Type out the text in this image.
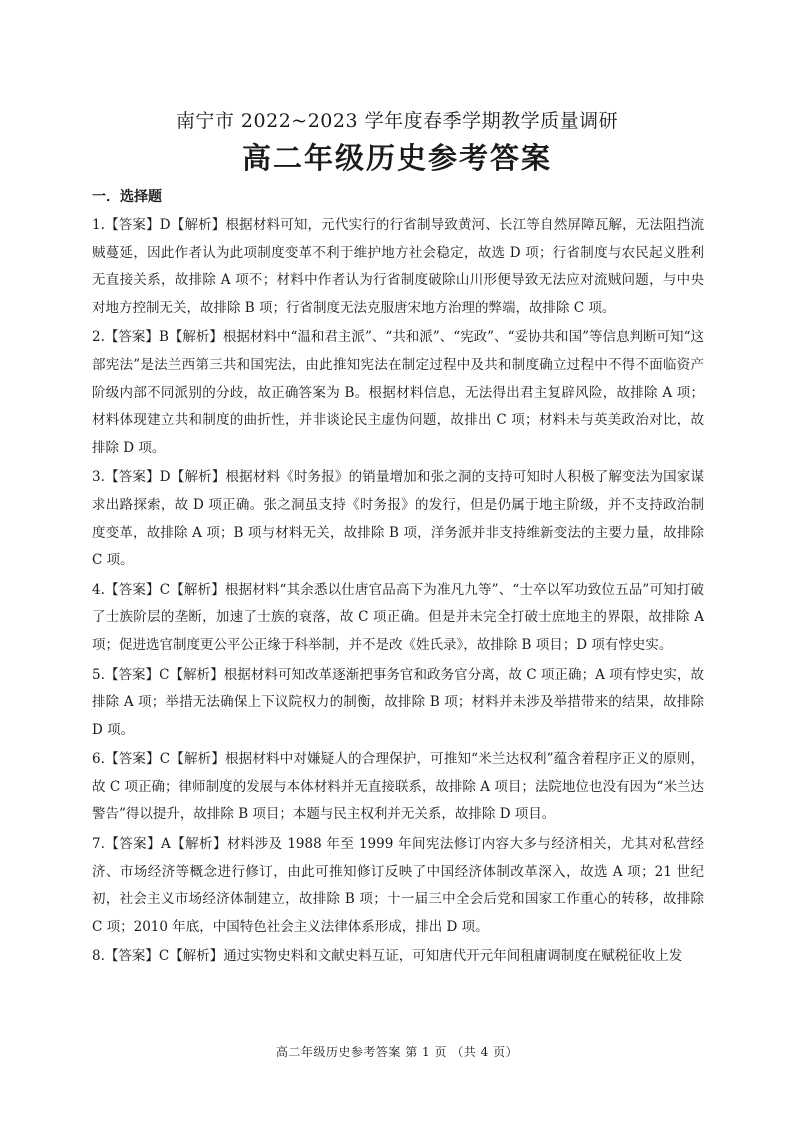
南宁市 2022~2023 学年度春季学期教学质量调研
高二年级历史参考答案
一．选择题

1.【答案】D【解析】根据材料可知，元代实行的行省制导致黄河、长江等自然屏障瓦解，无法阻挡流贼蔓延，因此作者认为此项制度变革不利于维护地方社会稳定，故选 D 项；行省制度与农民起义胜利无直接关系，故排除 A 项不；材料中作者认为行省制度破除山川形便导致无法应对流贼问题，与中央对地方控制无关，故排除 B 项；行省制度无法克服唐宋地方治理的弊端，故排除 C 项。

2.【答案】B【解析】根据材料中“温和君主派”、“共和派”、“宪政”、“妥协共和国”等信息判断可知“这部宪法”是法兰西第三共和国宪法，由此推知宪法在制定过程中及共和制度确立过程中不得不面临资产阶级内部不同派别的分歧，故正确答案为 B。根据材料信息，无法得出君主复辟风险，故排除 A 项；材料体现建立共和制度的曲折性，并非谈论民主虚伪问题，故排出 C 项；材料未与英美政治对比，故排除 D 项。

3.【答案】D【解析】根据材料《时务报》的销量增加和张之洞的支持可知时人积极了解变法为国家谋求出路探索，故 D 项正确。张之洞虽支持《时务报》的发行，但是仍属于地主阶级，并不支持政治制度变革，故排除 A 项；B 项与材料无关，故排除 B 项，洋务派并非支持维新变法的主要力量，故排除 C 项。

4.【答案】C【解析】根据材料“其余悉以仕唐官品高下为准凡九等”、“士卒以军功致位五品”可知打破了士族阶层的垄断，加速了士族的衰落，故 C 项正确。但是并未完全打破士庶地主的界限，故排除 A 项；促进选官制度更公平公正缘于科举制，并不是改《姓氏录》，故排除 B 项目；D 项有悖史实。

5.【答案】C【解析】根据材料可知改革逐渐把事务官和政务官分离，故 C 项正确；A 项有悖史实，故排除 A 项；举措无法确保上下议院权力的制衡，故排除 B 项；材料并未涉及举措带来的结果，故排除 D 项。

6.【答案】C【解析】根据材料中对嫌疑人的合理保护，可推知“米兰达权利”蕴含着程序正义的原则，故 C 项正确；律师制度的发展与本体材料并无直接联系，故排除 A 项目；法院地位也没有因为“米兰达警告”得以提升，故排除 B 项目；本题与民主权利并无关系，故排除 D 项目。

7.【答案】A【解析】材料涉及 1988 年至 1999 年间宪法修订内容大多与经济相关，尤其对私营经济、市场经济等概念进行修订，由此可推知修订反映了中国经济体制改革深入，故选 A 项；21 世纪初，社会主义市场经济体制建立，故排除 B 项；十一届三中全会后党和国家工作重心的转移，故排除 C 项；2010 年底，中国特色社会主义法律体系形成，排出 D 项。

8.【答案】C【解析】通过实物史料和文献史料互证，可知唐代开元年间租庸调制度在赋税征收上发

高二年级历史参考答案 第 1 页 （共 4 页）
